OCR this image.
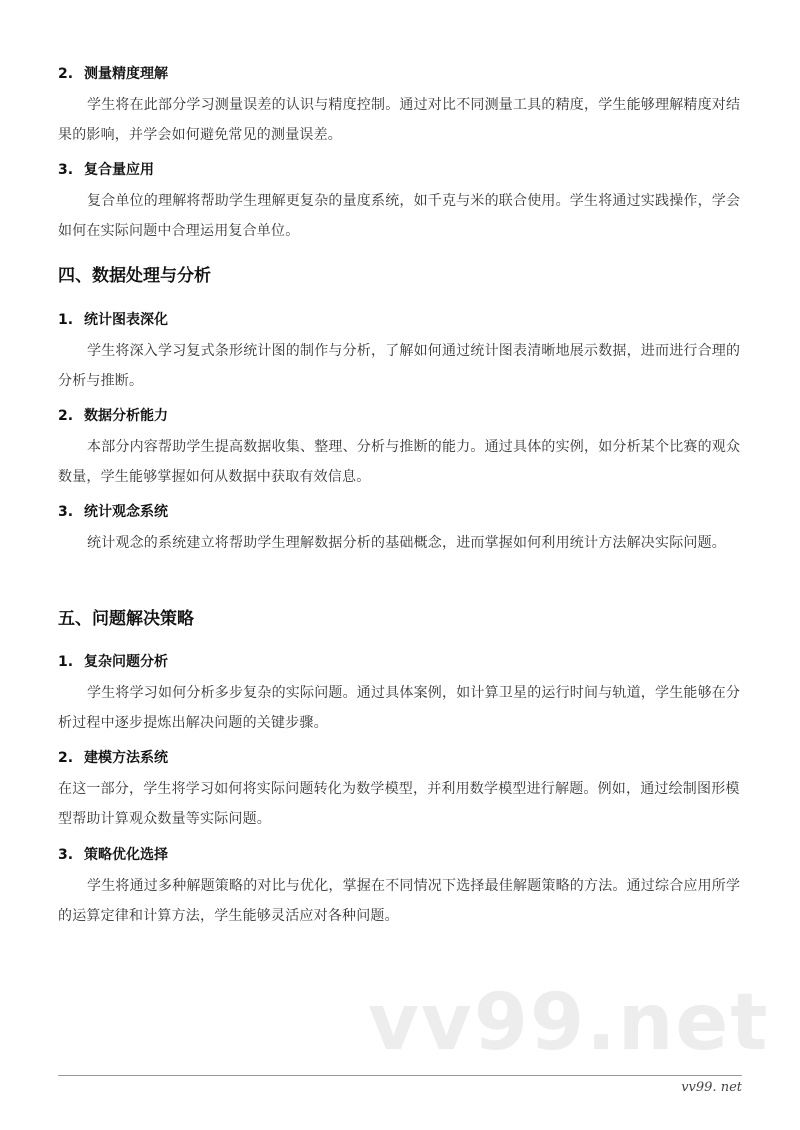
2. 测量精度理解

学生将在此部分学习测量误差的认识与精度控制。通过对比不同测量工具的精度，学生能够理解精度对结果的影响，并学会如何避免常见的测量误差。

3. 复合量应用

复合单位的理解将帮助学生理解更复杂的量度系统，如千克与米的联合使用。学生将通过实践操作，学会如何在实际问题中合理运用复合单位。

四、数据处理与分析
1. 统计图表深化

学生将深入学习复式条形统计图的制作与分析，了解如何通过统计图表清晰地展示数据，进而进行合理的分析与推断。

2. 数据分析能力

本部分内容帮助学生提高数据收集、整理、分析与推断的能力。通过具体的实例，如分析某个比赛的观众数量，学生能够掌握如何从数据中获取有效信息。

3. 统计观念系统

统计观念的系统建立将帮助学生理解数据分析的基础概念，进而掌握如何利用统计方法解决实际问题。

五、问题解决策略
1. 复杂问题分析

学生将学习如何分析多步复杂的实际问题。通过具体案例，如计算卫星的运行时间与轨道，学生能够在分析过程中逐步提炼出解决问题的关键步骤。

2. 建模方法系统

在这一部分，学生将学习如何将实际问题转化为数学模型，并利用数学模型进行解题。例如，通过绘制图形模型帮助计算观众数量等实际问题。

3. 策略优化选择

学生将通过多种解题策略的对比与优化，掌握在不同情况下选择最佳解题策略的方法。通过综合应用所学的运算定律和计算方法，学生能够灵活应对各种问题。

vv99.net
vv99. net
